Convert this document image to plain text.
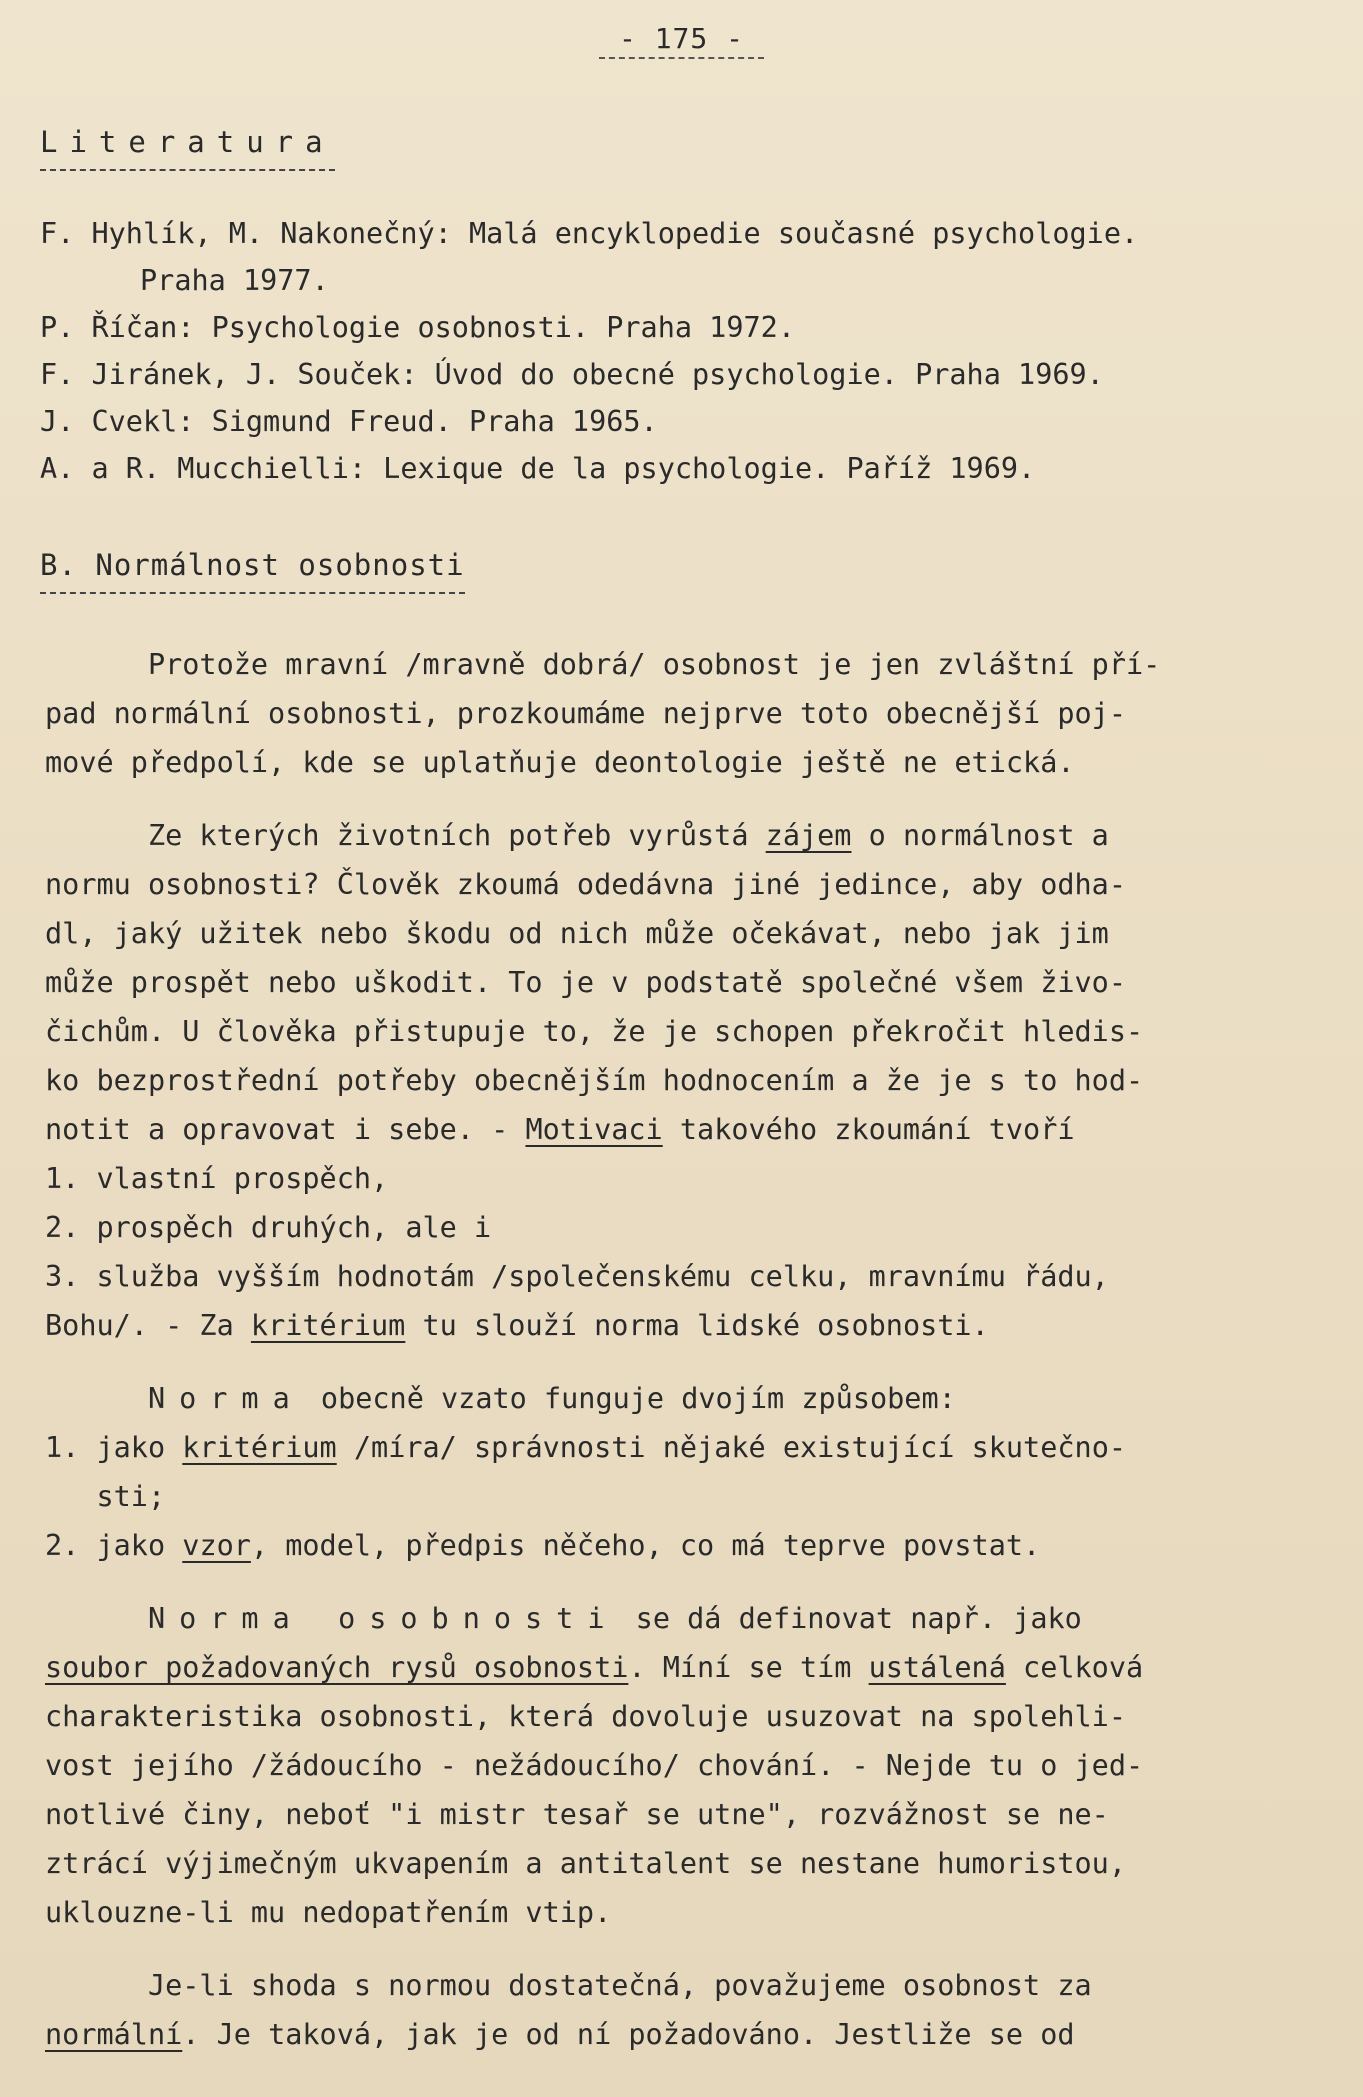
- 175 -
Literatura
F. Hyhlík, M. Nakonečný: Malá encyklopedie současné psychologie.
Praha 1977.
P. Říčan: Psychologie osobnosti. Praha 1972.
F. Jiránek, J. Souček: Úvod do obecné psychologie. Praha 1969.
J. Cvekl: Sigmund Freud. Praha 1965.
A. a R. Mucchielli: Lexique de la psychologie. Paříž 1969.
B. Normálnost osobnosti
Protože mravní /mravně dobrá/ osobnost je jen zvláštní pří-
pad normální osobnosti, prozkoumáme nejprve toto obecnější poj-
mové předpolí, kde se uplatňuje deontologie ještě ne etická.
Ze kterých životních potřeb vyrůstá zájem o normálnost a
normu osobnosti? Člověk zkoumá odedávna jiné jedince, aby odha-
dl, jaký užitek nebo škodu od nich může očekávat, nebo jak jim
může prospět nebo uškodit. To je v podstatě společné všem živo-
čichům. U člověka přistupuje to, že je schopen překročit hledis-
ko bezprostřední potřeby obecnějším hodnocením a že je s to hod-
notit a opravovat i sebe. - Motivaci takového zkoumání tvoří
1. vlastní prospěch,
2. prospěch druhých, ale i
3. služba vyšším hodnotám /společenskému celku, mravnímu řádu,
Bohu/. - Za kritérium tu slouží norma lidské osobnosti.
Norma obecně vzato funguje dvojím způsobem:
1. jako kritérium /míra/ správnosti nějaké existující skutečno-
sti;
2. jako vzor, model, předpis něčeho, co má teprve povstat.
Norma osobnosti se dá definovat např. jako
soubor požadovaných rysů osobnosti. Míní se tím ustálená celková
charakteristika osobnosti, která dovoluje usuzovat na spolehli-
vost jejího /žádoucího - nežádoucího/ chování. - Nejde tu o jed-
notlivé činy, neboť "i mistr tesař se utne", rozvážnost se ne-
ztrácí výjimečným ukvapením a antitalent se nestane humoristou,
uklouzne-li mu nedopatřením vtip.
Je-li shoda s normou dostatečná, považujeme osobnost za
normální. Je taková, jak je od ní požadováno. Jestliže se od
